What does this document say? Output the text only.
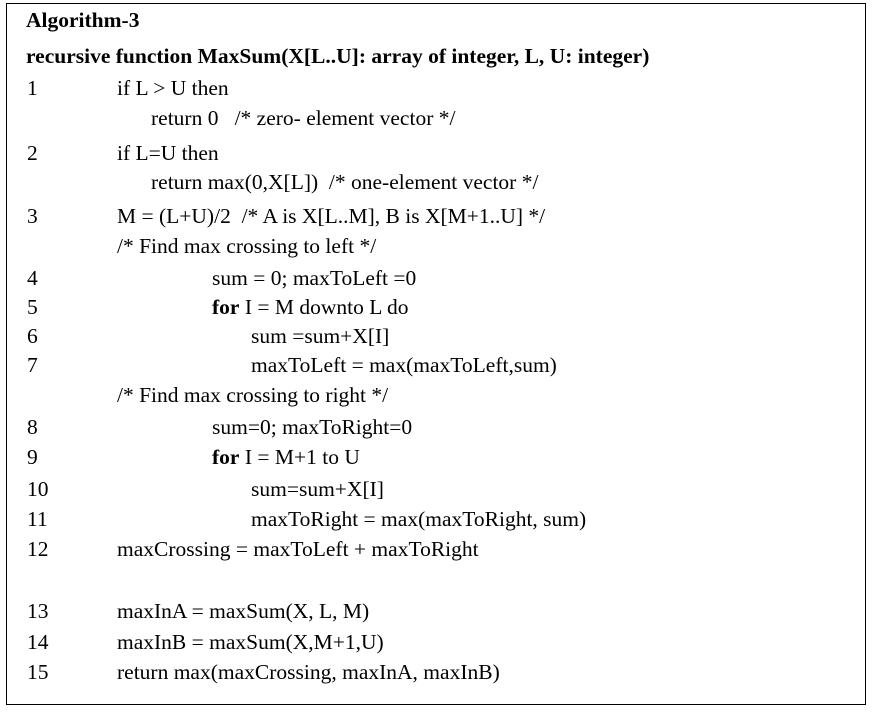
Algorithm-3
recursive function MaxSum(X[L..U]: array of integer, L, U: integer)
1	if L > U then
return 0   /* zero- element vector */
2	if L=U then
return max(0,X[L])  /* one-element vector */
3	M = (L+U)/2  /* A is X[L..M], B is X[M+1..U] */
/* Find max crossing to left */
4	sum = 0; maxToLeft =0
5	for I = M downto L do
6	sum =sum+X[I]
7	maxToLeft = max(maxToLeft,sum)
/* Find max crossing to right */
8	sum=0; maxToRight=0
9	for I = M+1 to U
10	sum=sum+X[I]
11	maxToRight = max(maxToRight, sum)
12	maxCrossing = maxToLeft + maxToRight
13	maxInA = maxSum(X, L, M)
14	maxInB = maxSum(X,M+1,U)
15	return max(maxCrossing, maxInA, maxInB)
